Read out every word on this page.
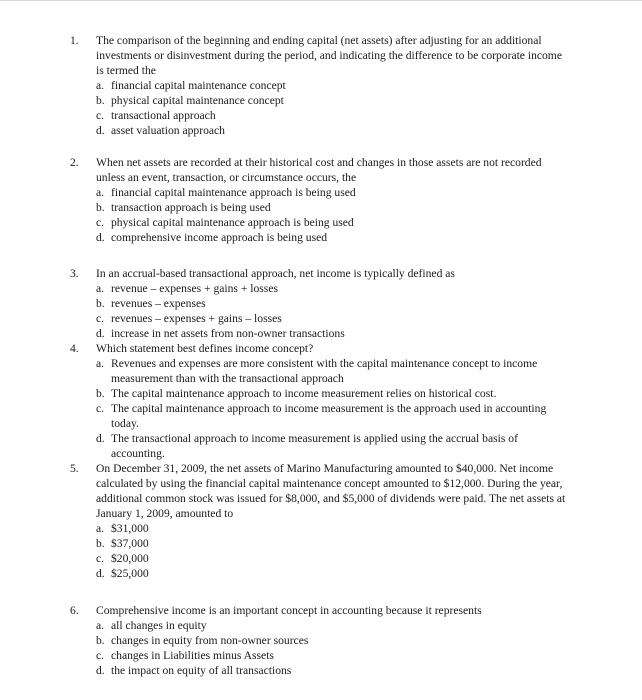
1.	The comparison of the beginning and ending capital (net assets) after adjusting for an additional investments or disinvestment during the period, and indicating the difference to be corporate income is termed the
a. financial capital maintenance concept
b. physical capital maintenance concept
c. transactional approach
d. asset valuation approach
2.	When net assets are recorded at their historical cost and changes in those assets are not recorded unless an event, transaction, or circumstance occurs, the
a. financial capital maintenance approach is being used
b. transaction approach is being used
c. physical capital maintenance approach is being used
d. comprehensive income approach is being used
3.	In an accrual-based transactional approach, net income is typically defined as
a. revenue – expenses + gains + losses
b. revenues – expenses
c. revenues – expenses + gains – losses
d. increase in net assets from non-owner transactions
4.	Which statement best defines income concept?
a. Revenues and expenses are more consistent with the capital maintenance concept to income measurement than with the transactional approach
b. The capital maintenance approach to income measurement relies on historical cost.
c. The capital maintenance approach to income measurement is the approach used in accounting today.
d. The transactional approach to income measurement is applied using the accrual basis of accounting.
5.	On December 31, 2009, the net assets of Marino Manufacturing amounted to $40,000. Net income calculated by using the financial capital maintenance concept amounted to $12,000. During the year, additional common stock was issued for $8,000, and $5,000 of dividends were paid. The net assets at January 1, 2009, amounted to
a. $31,000
b. $37,000
c. $20,000
d. $25,000
6.	Comprehensive income is an important concept in accounting because it represents
a. all changes in equity
b. changes in equity from non-owner sources
c. changes in Liabilities minus Assets
d. the impact on equity of all transactions
